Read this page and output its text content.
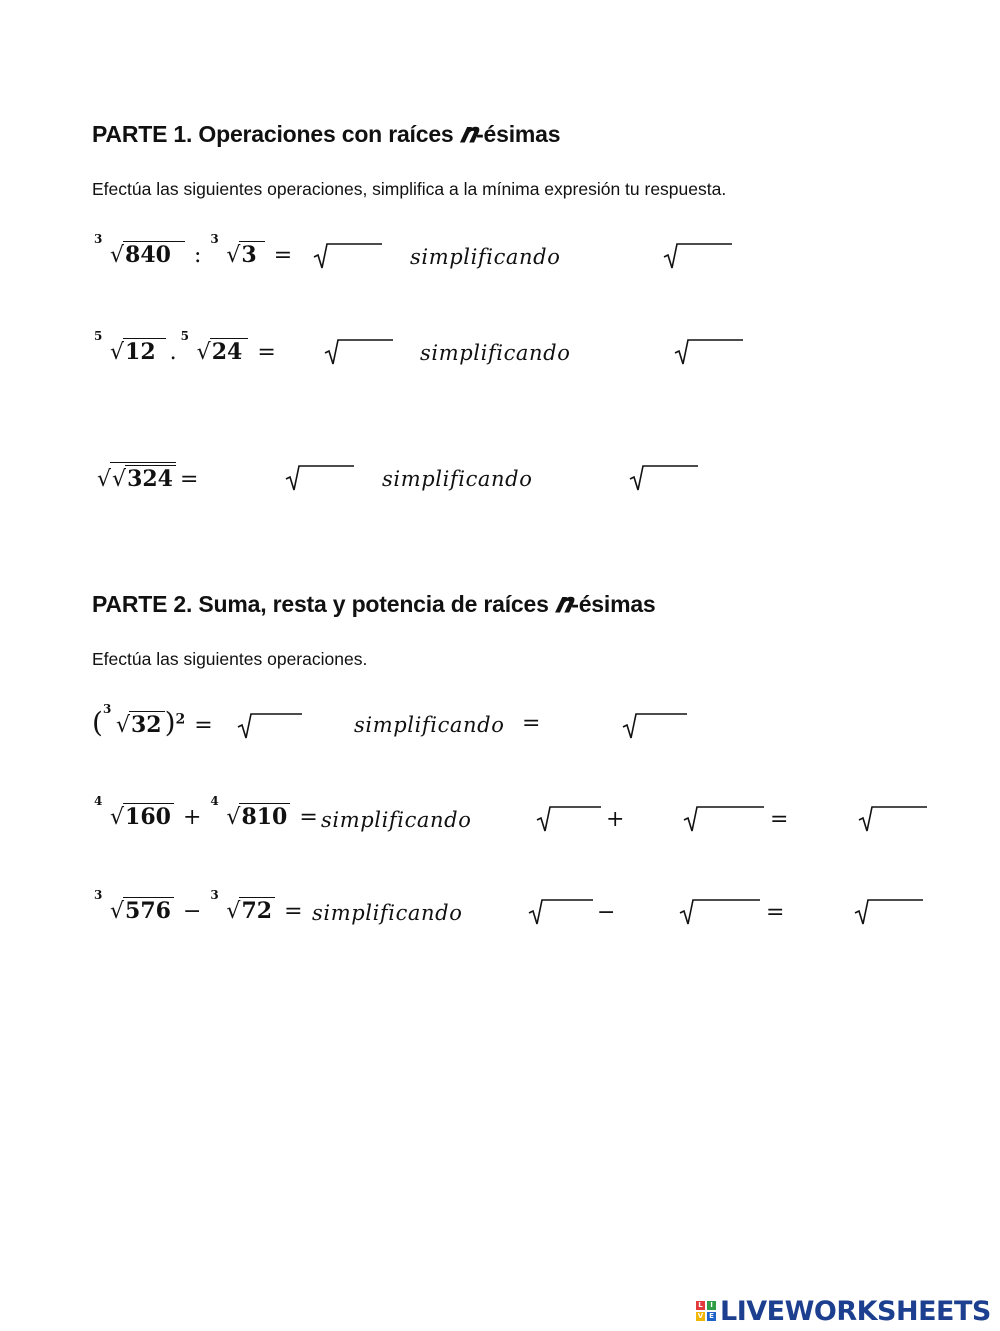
PARTE 1. Operaciones con raíces 𝒏-ésimas
Efectúa las siguientes operaciones, simplifica a la mínima expresión tu respuesta.
3
√840 :
3
√3 =	simplificando
5
√12 .
5
√24 =	simplificando
√√324 =	simplificando
PARTE 2. Suma, resta y potencia de raíces 𝒏-ésimas
Efectúa las siguientes operaciones.
( 3
√32 )$^2$ =	simplificando =
4
√160 +
4
√810 = simplificando	+	=
3
√576 −
3
√72 = simplificando	−	=
L	I
V E LIVEWORKSHEETS
